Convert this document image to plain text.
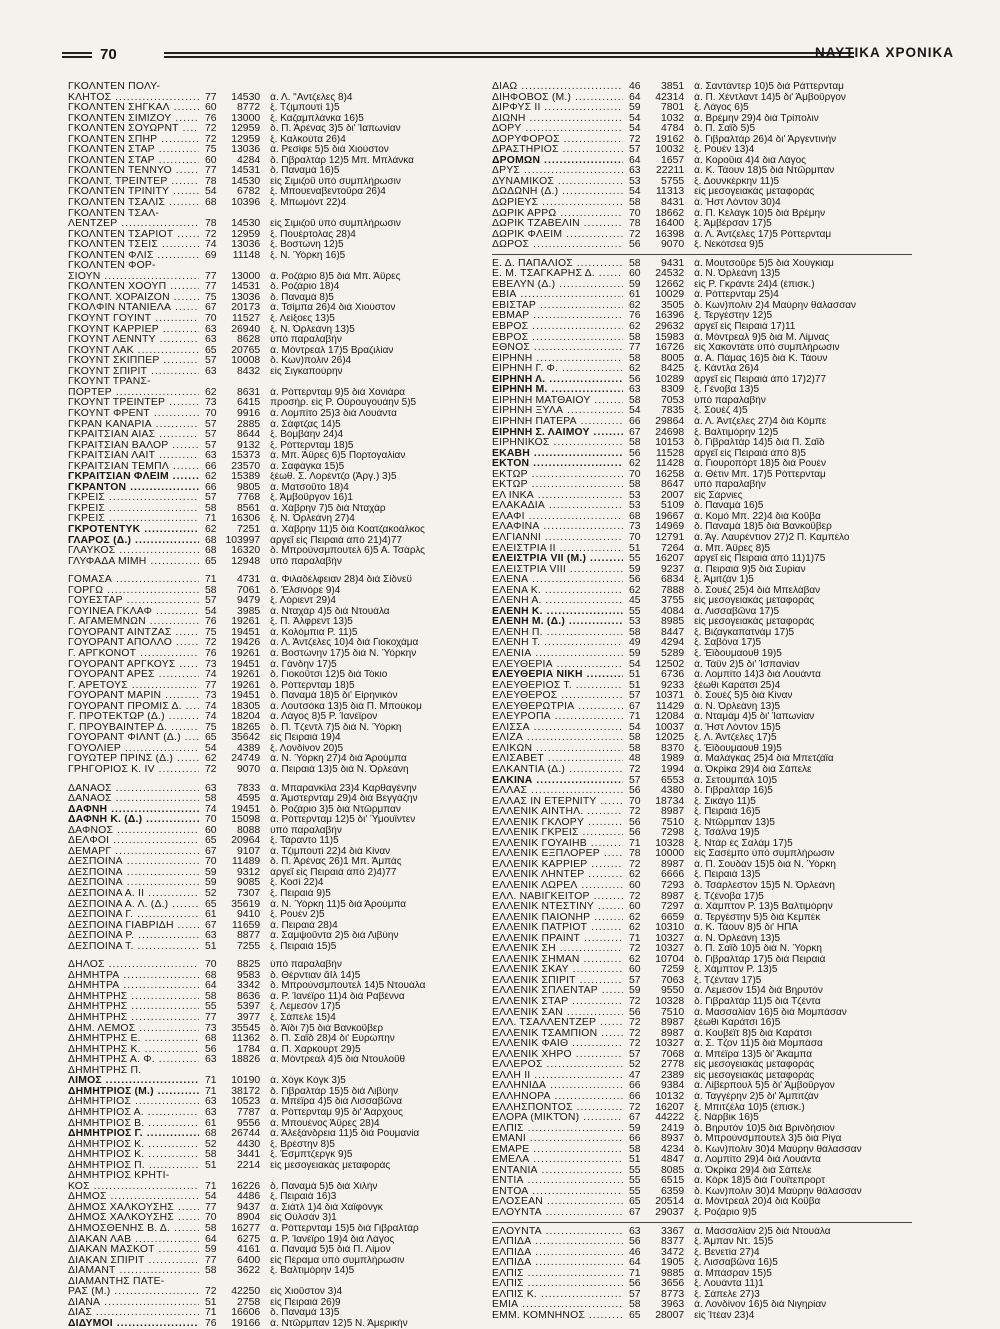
70	ΝΑΥΤΙΚΑ ΧΡΟΝΙΚΑ
ΓΚΟΛΝΤΕΝ ΠΟΛΥ-
ΚΛΗΤΟΣ .....	77	14530	ά. Λ. "Αντζελες 8)4
ΓΚΟΛΝΤΕΝ ΣΗΓΚΑΛ .....	60	8772	ξ. Τζιμπουτί 1)5
ΓΚΟΛΝΤΕΝ ΣΙΜΙΖΟΥ .....	76	13000	ξ. Καζαμπλάνκα 16)5
ΓΚΟΛΝΤΕΝ ΣΟΥΩΡΝΤ .....	72	12959	δ. Π. Άρένας 3)5 δι' Ίαπωνίαν
ΓΚΟΛΝΤΕΝ ΣΠΗΡ .....	72	12959	ξ. Καλκούτα 26)4
ΓΚΟΛΝΤΕΝ ΣΤΑΡ .....	75	13036	ά. Ρεσίφε 5)5 διά Χιούστον
ΓΚΟΛΝΤΕΝ ΣΤΑΡ .....	60	4284	δ. Γιβραλτάρ 12)5 Μπ. Μπλάνκα
ΓΚΟΛΝΤΕΝ ΤΕΝΝΥΟ .....	77	14531	δ. Παναμά 16)5
ΓΚΟΛΝΤ. ΤΡΕΪΝΤΕΡ .....	78	14530	είς Σιμιζοῦ ὑπό συμπλήρωσιν
ΓΚΟΛΝΤΕΝ ΤΡΙΝΙΤΥ .....	54	6782	ξ. Μπουεναβεντοῦρα 26)4
ΓΚΟΛΝΤΕΝ ΤΣΑΛΙΣ .....	68	10396	ξ. Μπωμόντ 22)4
ΓΚΟΛΝΤΕΝ ΤΣΑΛ-
ΛΕΝΤΖΕΡ .....	78	14530	είς Σιμιζοῦ ὑπό συμπλήρωσιν
ΓΚΟΛΝΤΕΝ ΤΣΑΡΙΟΤ .....	72	12959	ξ. Πουέρτολας 28)4
ΓΚΟΛΝΤΕΝ ΤΣΕΪΣ .....	74	13036	ξ. Βοστώνη 12)5
ΓΚΟΛΝΤΕΝ ΦΛΙΣ .....	69	11148	ξ. Ν. Ύόρκη 16)5
ΓΚΟΛΝΤΕΝ ΦΟΡ-
ΣΙΟΥΝ .....	77	13000	ά. Ροζάριο 8)5 διά Μπ. Άϋρες
ΓΚΟΛΝΤΕΝ ΧΟΟΥΠ .....	77	14531	δ. Ροζάριο 18)4
ΓΚΟΛΝΤ. ΧΟΡΑΪΖΟΝ .....	75	13036	δ. Παναμά 8)5
ΓΚΟΛΦΙΝ ΝΤΑΝΙΕΛΑ .....	67	20173	ά. Τσίμπα 26)4 διά Χιούστον
ΓΚΟΥΝΤ ΓΟΥΪΝΤ .....	70	11527	ξ. Λείξοες 13)5
ΓΚΟΥΝΤ ΚΑΡΡΙΕΡ .....	63	26940	ξ. Ν. Όρλεάνη 13)5
ΓΚΟΥΝΤ ΛΕΝΝΤΥ .....	63	8628	ὑπό παραλαβήν
ΓΚΟΥΝΤ ΛΑΚ .....	65	20765	ά. Μόντρεαλ 17)5 Βραζιλίαν
ΓΚΟΥΝΤ ΣΚΙΠΠΕΡ .....	57	10008	δ. Κων)πολιν 26)4
ΓΚΟΥΝΤ ΣΠΙΡΙΤ .....	63	8432	είς Σιγκαπούρην
ΓΚΟΥΝΤ ΤΡΑΝΣ-
ΠΟΡΤΕΡ .....	62	8631	ά. Ρόττερνταμ 9)5 διά Χονιάρα
ΓΚΟΥΝΤ ΤΡΕΪΝΤΕΡ .....	73	6415	προσήρ. είς Ρ. Ούρουγουάην 5)5
ΓΚΟΥΝΤ ΦΡΕΝΤ .....	70	9916	ά. Λομπίτο 25)3 διά Λουάντα
ΓΚΡΑΝ ΚΑΝΑΡΙΑ .....	57	2885	ά. Σάφτζας 14)5
ΓΚΡΑΪΤΣΙΑΝ ΑΪΑΣ .....	57	8644	ξ. Βομβάην 24)4
ΓΚΡΑΪΤΣΙΑΝ ΒΑΛΟΡ .....	57	9132	ξ. Ρόττερνταμ 18)5
ΓΚΡΑΪΤΣΙΑΝ ΛΑΪΤ .....	63	15373	ά. Μπ. Άϋρες 6)5 Πορτογαλίαν
ΓΚΡΑΪΤΣΙΑΝ ΤΕΜΠΛ .....	66	23570	ά. Σαφάγκα 15)5
ΓΚΡΑΪΤΣΙΑΝ ΦΛΕΪΜ .....	62	15389	ξέωθ. Σ. Λορέντζο (Άργ.) 3)5
ΓΚΡΑΝΤΟΝ .....	66	9805	ά. Ματσοῦτο 18)4
ΓΚΡΕΪΣ .....	57	7768	ξ. Άμβοῦργον 16)1
ΓΚΡΕΪΣ .....	58	8561	ά. Χάβρην 7)5 διά Νταχάρ
ΓΚΡΕΪΣ .....	71	16306	ξ. Ν. Όρλεάνη 27)4
ΓΚΡΟΤΕΝΤΥΚ .....	62	7251	ά. Χάβρην 11)5 διά Κοατζακοάλκος
ΓΛΑΡΟΣ (Δ.) .....	68 103997	ἀργεῖ είς Πειραιά ἀπό 21)4)77
ΓΛΑΥΚΟΣ .....	68	16320	δ. Μπρούνσμπουτελ 6)5 Α. Τσάρλς
ΓΛΥΦΑΔΑ ΜΙΜΗ .....	65	12948	ὑπό παραλαβήν
ΓΟΜΑΣΑ .....	71	4731	ά. Φιλαδέλφειαν 28)4 διά Σίδνεϋ
ΓΟΡΓΩ .....	58	7061	δ. Έλσινόρε 9)4
ΓΟΥΕΣΤΑΡ .....	57	9479	ξ. Λόριεντ 29)4
ΓΟΥΪΝΕΑ ΓΚΛΑΦ .....	54	3985	ά. Νταχάρ 4)5 διά Ντουάλα
Γ. ΑΓΑΜΕΜΝΩΝ .....	76	19261	ξ. Π. Ἀλφρεντ 13)5
ΓΟΥΟΡΑΝΤ ΑΪΝΤΖΑΣ .....	75	19451	ά. Κολόμπια Ρ. 11)5
ΓΟΥΟΡΑΝΤ ΑΠΟΛΛΟ .....	72	19426	ά. Λ. Άντζελες 10)4 διά Γιοκοχάμα
Γ. ΑΡΓΚΟΝΟΤ .....	76	19261	ά. Βοστώνην 17)5 διά Ν. Ύόρκην
ΓΟΥΟΡΑΝΤ ΑΡΓΚΟΥΣ .....	73	19451	ά. Γάνδην 17)5
ΓΟΥΟΡΑΝΤ ΑΡΕΣ .....	74	19261	δ. Γιοκοῦτσι 12)5 διά Τόκιο
Γ. ΑΡΕΤΟΥΣ .....	77	19261	δ. Ρόττερνταμ 18)5
ΓΟΥΟΡΑΝΤ ΜΑΡΙΝ .....	73	19451	δ. Παναμά 18)5 δι' Είρηνικόν
ΓΟΥΟΡΑΝΤ ΠΡΟΜΙΣ Δ. .....	74	18305	ά. Λουτσόκα 13)5 διά Π. Μπούκομ
Γ. ΠΡΟΤΕΚΤΩΡ (Δ.) .....	74	18204	ά. Λάγος 8)5 Ρ. Ίανέϊρον
Γ. ΠΡΟΥΒΑΪΝΤΕΡ Δ. .....	75	18265	δ. Π. Τζεντλ 7)5 διά Ν. Ύόρκη
ΓΟΥΟΡΑΝΤ ΦΙΛΝΤ (Δ.) .....	65	35642	είς Πειραιά 19)4
ΓΟΥΟΛΙΕΡ .....	54	4389	ξ. Λονδίνον 20)5
ΓΟΥΩΤΕΡ ΠΡΙΝΣ (Δ.) .....	62	24749	ά. Ν. Ύόρκη 27)4 διά Άρούμπα
ΓΡΗΓΟΡΙΟΣ Κ. ΙV .....	72	9070	ά. Πειραιά 13)5 διά Ν. Όρλεάνη
ΔΑΝΑΟΣ .....	63	7833	ά. Μπαρανκίλα 23)4 Καρθαγένην
ΔΑΝΑΟΣ .....	58	4595	ά. Άμστερνταμ 29)4 διά Βεγγάζην
ΔΑΦΝΗ .....	74	19451	δ. Ροζάριο 3)5 διά Ντῶρμπαν
ΔΑΦΝΗ Κ. (Δ.) .....	70	15098	ά. Ρόττερνταμ 12)5 δι' Ύμουϊντεν
ΔΑΦΝΟΣ .....	60	8088	ὑπό παραλαβήν
ΔΕΛΦΟΙ .....	65	20964	ξ. Τάραντο 11)5
ΔΕΜΑΡΓ .....	67	9107	ά. Τζιμπουτί 22)4 διά Κίναν
ΔΕΣΠΟΙΝΑ .....	70	11489	δ. Π. Άρένας 26)1 Μπ. Άμπάς
ΔΕΣΠΟΙΝΑ .....	59	9312	ἀργεῖ είς Πειραιά ἀπό 2)4)77
ΔΕΣΠΟΙΝΑ .....	59	9085	ξ. Κοσί 22)4
ΔΕΣΠΟΙΝΑ Α. ΙΙ .....	52	7307	ξ. Πειραιά 9)5
ΔΕΣΠΟΙΝΑ Α. Λ. (Δ.) .....	65	35619	ά. Ν. Ύόρκη 11)5 διά Άρούμπα
ΔΕΣΠΟΙΝΑ Γ. .....	61	9410	ξ. Ρουέν 2)5
ΔΕΣΠΟΙΝΑ ΓΙΑΒΡΙΔΗ .....	67	11659	ά. Πειραιά 28)4
ΔΕΣΠΟΙΝΑ Ρ. .....	63	8877	ά. Σαμψοῦντα 2)5 διά Λιβύην
ΔΕΣΠΟΙΝΑ Τ. .....	51	7255	ξ. Πειραιά 15)5
ΔΗΛΟΣ .....	70	8825	ὑπό παραλαβήν
ΔΗΜΗΤΡΑ .....	68	9583	δ. Θέρντιαν ᾶΪλ 14)5
ΔΗΜΗΤΡΑ .....	64	3342	δ. Μπρούνσμπουτελ 14)5 Ντουάλα
ΔΗΜΗΤΡΗΣ .....	58	8636	ά. Ρ. Ίανέϊρο 11)4 διά Ραβέννα
ΔΗΜΗΤΡΗΣ .....	55	5397	ξ. Λεμεσόν 17)5
ΔΗΜΗΤΡΗΣ .....	77	3977	ξ. Σάπελε 15)4
ΔΗΜ. ΛΕΜΟΣ .....	73	35545	δ. Άϊδι 7)5 διά Βανκοῦβερ
ΔΗΜΗΤΡΗΣ Ε. .....	68	11362	δ. Π. Σαΐδ 28)4 δι' Εὐρώπην
ΔΗΜΗΤΡΗΣ Κ. .....	56	1784	ά. Π. Χαρκουρτ 29)5
ΔΗΜΗΤΡΗΣ Α. Φ. .....	63	18826	ά. Μόντρεαλ 4)5 διά Ντουλοῦθ
ΔΗΜΗΤΡΗΣ Π.
ΛΙΜΟΣ .....	71	10190	ά. Χόγκ Κόγκ 3)5
ΔΗΜΗΤΡΙΟΣ (Μ.) .....	71	38172	δ. Γιβραλτάρ 15)5 διά Λιβύην
ΔΗΜΗΤΡΙΟΣ .....	63	10523	ά. Μπέϊρα 4)5 διά Λισσαβῶνα
ΔΗΜΗΤΡΙΟΣ Α. .....	63	7787	ά. Ρόττερνταμ 9)5 δι' Άαρχους
ΔΗΜΗΤΡΙΟΣ Β. .....	61	9556	ά. Μπουένος Άϋρες 28)4
ΔΗΜΗΤΡΙΟΣ Γ. .....	68	26744	ά. Άλεξάνδρεια 11)5 διά Ρουμανία
ΔΗΜΗΤΡΙΟΣ Κ. .....	52	4430	ξ. Βρέστην 8)5
ΔΗΜΗΤΡΙΟΣ Κ. .....	58	3441	ξ. Έσμπτζεργκ 9)5
ΔΗΜΗΤΡΙΟΣ Π. .....	51	2214	είς μεσογειακάς μεταφοράς
ΔΗΜΗΤΡΙΟΣ ΚΡΗΤΙ-
ΚΟΣ .....	71	16226	δ. Παναμά 5)5 διά Χιλήν
ΔΗΜΟΣ .....	54	4486	ξ. Πειραιά 16)3
ΔΗΜΟΣ ΧΑΛΚΟΥΣΗΣ .....	77	9437	ά. Σιάτλ 1)4 διά Χαϊφόνγκ
ΔΗΜΟΣ ΧΑΛΚΟΥΣΗΣ .....	70	8904	είς Οὐλσάν 3)1
ΔΗΜΟΣΘΕΝΗΣ Β. Δ. .....	58	16277	ά. Ρόττερνταμ 15)5 διά Γιβραλτάρ
ΔΙΑΚΑΝ ΛΑΒ .....	64	6275	ά. Ρ. Ίανέϊρο 19)4 διά Λάγος
ΔΙΑΚΑΝ ΜΑΣΚΟΤ .....	59	4161	ά. Παναμά 5)5 διά Π. Λίμον
ΔΙΑΚΑΝ ΣΠΙΡΙΤ .....	77	6400	είς Πέραμα ὑπό συμπλήρωσιν
ΔΙΑΜΑΝΤ .....	58	3622	ξ. Βαλτιμόρην 14)5
ΔΙΑΜΑΝΤΗΣ ΠΑΤΕ-
ΡΑΣ (Μ.) .....	72	42250	είς Χιοῦστον 3)4
ΔΙΑΝΑ .....	51	2758	είς Πειραιά 26)9
ΔΙΑΣ .....	71	16606	δ. Παναμά 13)5
ΔΙΔΥΜΟΙ .....	76	19166	ά. Ντῶρμπαν 12)5 Ν. Άμερικήν
ΔΙΑΩ .....	46	3851	ά. Σαντάντερ 10)5 διά Ράττερνταμ
ΔΙΗΦΟΒΟΣ (Μ.) .....	64	42314	ά. Π. Χέντλαντ 14)5 δι' Άμβοῦργον
ΔΙΡΦΥΣ ΙΙ .....	59	7801	ξ. Λάγος 6)5
ΔΙΩΝΗ .....	54	1032	ά. Βρέμην 29)4 διά Τρίπολιν
ΔΟΡΥ .....	54	4784	δ. Π. Σαΐδ 5)5
ΔΟΡΥΦΟΡΟΣ .....	72	19162	δ. Γιβραλτάρ 26)4 δι' Άργεντινήν
ΔΡΑΣΤΗΡΙΟΣ .....	57	10032	ξ. Ρουέν 13)4
ΔΡΟΜΩΝ .....	64	1657	ά. Κοροῦια 4)4 διά Λάγος
ΔΡΥΣ .....	63	22211	ά. Κ. Τάουν 18)5 διά Ντῶρμπαν
ΔΥΝΑΜΙΚΟΣ .....	53	5755	ξ. Δουνκέρκην 11)5
ΔΩΔΩΝΗ (Δ.) .....	54	11313	είς μεσογειακάς μεταφοράς
ΔΩΡΙΕΥΣ .....	58	8431	ά. Ήστ Λόντον 30)4
ΔΩΡΙΚ ΑΡΡΩ .....	70	18662	ά. Π. Κελάγκ 10)5 διά Βρέμην
ΔΩΡΙΚ ΤΖΑΒΕΛΙΝ .....	78	16400	ξ. Άμβέρσαν 17)5
ΔΩΡΙΚ ΦΛΕΪΜ .....	72	16398	ά. Λ. Άντζελες 17)5 Ρόττερνταμ
ΔΩΡΟΣ .....	56	9070	ξ. Νεκότσεα 9)5
Ε. Δ. ΠΑΠΑΛΙΟΣ .....	58	9431	ά. Μουτσοῦρε 5)5 διά Χούγκιαμ
Ε. Μ. ΤΣΑΓΚΑΡΗΣ Δ. .....	60	24532	ά. Ν. Όρλεάνη 13)5
ΕΒΕΛΥΝ (Δ.) .....	59	12662	είς Ρ. Γκράντε 24)4 (ἐπισκ.)
ΕΒΙΑ .....	61	10029	ά. Ρόττερνταμ 25)4
ΕΒΙΣΤΑΡ .....	62	3505	δ. Κων)πολιν 2)4 Μαύρην θάλασσαν
ΕΒΜΑΡ .....	76	16396	ξ. Τεργέστην 12)5
ΕΒΡΟΣ .....	62	29632	ἀργεῖ είς Πειραιά 17)11
ΕΒΡΟΣ .....	58	15983	ά. Μόντρεαλ 9)5 διά Μ. Λίμνας
ΕΘΝΟΣ .....	77	16726	είς Χακοντάτε ὑπό συμπλήρωσιν
ΕΙΡΗΝΗ .....	58	8005	ά. Α. Πάμας 16)5 διά Κ. Τάουν
ΕΙΡΗΝΗ Γ. Φ. .....	62	8425	ξ. Κάντλα 26)4
ΕΙΡΗΝΗ Λ. .....	56	10289	ἀργεῖ είς Πειραιά ἀπό 17)2)77
ΕΙΡΗΝΗ Μ. .....	63	8309	ξ. Γένοβα 13)5
ΕΙΡΗΝΗ ΜΑΤΘΑΙΟΥ .....	58	7053	ὑπό παραλαβήν
ΕΙΡΗΝΗ ΞΥΛΑ .....	54	7835	ξ. Σουέζ 4)5
ΕΙΡΗΝΗ ΠΑΤΕΡΑ .....	66	29864	ά. Λ. Άντζελες 27)4 διά Κόμπε
ΕΙΡΗΝΗ Σ. ΛΑΙΜΟΥ .....	67	24698	ξ. Βαλτιμόρην 12)5
ΕΙΡΗΝΙΚΟΣ .....	58	10153	δ. Γιβραλτάρ 14)5 διά Π. Σαΐδ
ΕΚΑΒΗ .....	56	11528	ἀργεῖ είς Πειραιά ἀπό 8)5
ΕΚΤΟΝ .....	62	11428	ά. Γιουροπόρτ 18)5 διά Ρουέν
ΕΚΤΩΡ .....	70	16258	ά. Θέτιν Μπ. 17)5 Ρόττερνταμ
ΕΚΤΩΡ .....	58	8647	ὑπό παραλαβήν
ΕΛ ΙΝΚΑ .....	53	2007	είς Σάρνιες
ΕΛΑΚΑΔΙΑ .....	53	5109	δ. Παναμά 16)5
ΕΛΑΦΙ .....	68	19667	ά. Κομό Μπ. 22)4 διά Κοῦβα
ΕΛΑΦΙΝΑ .....	73	14969	δ. Παναμά 18)5 διά Βανκοῦβερ
ΕΛΓΙΑΝΝΙ .....	70	12791	ά. Άγ. Λαυρέντιον 27)2 Π. Καμπέλο
ΕΛΕΪΣΤΡΙΑ ΙΙ .....	51	7264	ά. Μπ. Άϋρες 8)5
ΕΛΕΪΣΤΡΙΑ VII (Μ.) .....	55	16207	ἀργεῖ είς Πειραιά ἀπό 11)1)75
ΕΛΕΪΣΤΡΙΑ VIII .....	59	9237	ά. Πειραιά 9)5 διά Συρίαν
ΕΛΕΝΑ .....	56	6834	ξ. Άμιτζάν 1)5
ΕΛΕΝΑ Κ. .....	62	7888	δ. Σουέζ 25)4 διά Μπελάβαν
ΕΛΕΝΗ Α. .....	45	3755	είς μεσογειακάς μεταφοράς
ΕΛΕΝΗ Κ. .....	55	4084	ά. Λισσαβῶνα 17)5
ΕΛΕΝΗ Μ. (Δ.) .....	53	8985	είς μεσογειακάς μεταφοράς
ΕΛΕΝΗ Π. .....	58	8447	ξ. Βιζαγκαπατνάμ 17)5
ΕΛΕΝΗ Τ. .....	49	4294	ξ. Σαβόνα 17)5
ΕΛΕΝΙΑ .....	59	5289	ξ. Έϊδουμαουθ 19)5
ΕΛΕΥΘΕΡΙΑ .....	54	12502	ά. Τάϋν 2)5 δι' Ίσπανίαν
ΕΛΕΥΘΕΡΙΑ ΝΙΚΗ .....	51	6736	ά. Λομπίτο 14)3 διά Λουάντα
ΕΛΕΥΘΕΡΙΟΣ Τ. .....	51	9233	ξέωθι Καράτσι 25)4
ΕΛΕΥΘΕΡΟΣ .....	57	10371	δ. Σουέζ 5)5 διά Κίναν
ΕΛΕΥΘΕΡΩΤΡΙΑ .....	67	11429	ά. Ν. Όρλεάνη 13)5
ΕΛΕΥΡΟΠΑ .....	71	12084	ά. Νταμάμ 4)5 δι' Ίαπωνίαν
ΕΛΙΣΣΑ .....	54	10037	ά. Ήστ Λόντον 15)5
ΕΛΙΖΑ .....	58	12025	ξ. Λ. Άντζελες 17)5
ΕΛΙΚΩΝ .....	58	8370	ξ. Έϊδουμαουθ 19)5
ΕΛΙΣΑΒΕΤ .....	48	1989	ά. Μαλάγκας 25)4 διά Μπετζάϊα
ΕΛΚΑΝΤΙΑ (Δ.) .....	72	1994	ά. Όκρίκα 29)4 διά Σάπελε
ΕΛΚΙΝΑ .....	57	6553	ά. Σετουμπάλ 10)5
ΕΛΛΑΣ .....	56	4380	δ. Γιβραλτάρ 16)5
ΕΛΛΑΣ ΙΝ ΕΤΕΡΝΙΤΥ .....	70	18734	ξ. Σικάγο 11)5
ΕΛΛΕΝΙΚ ΑΪΝΤΗΛ. .....	72	8987	ξ. Πειραιά 16)5
ΕΛΛΕΝΙΚ ΓΚΛΟΡΥ .....	56	7510	ξ. Ντῶρμπαν 13)5
ΕΛΛΕΝΙΚ ΓΚΡΕΪΣ .....	56	7298	ξ. Τσάλνα 19)5
ΕΛΛΕΝΙΚ ΓΟΥΑΙΗΒ .....	71	10328	ξ. Ντάρ ἐς Σαλάμ 17)5
ΕΛΛΕΝΙΚ ΕΞΠΛΟΡΕΡ .....	78	10000	είς Σασέμπο ὑπό συμπλήρωσιν
ΕΛΛΕΝΙΚ ΚΑΡΡΙΕΡ .....	72	8987	ά. Π. Σουδάν 15)5 διά Ν. Ύόρκη
ΕΛΛΕΝΙΚ ΛΗΝΤΕΡ .....	62	6666	ξ. Πειραιά 13)5
ΕΛΛΕΝΙΚ ΛΩΡΕΛ .....	60	7293	δ. Τσάρλεστον 15)5 Ν. Όρλεάνη
ΕΛΛ. ΝΑΒΙΓΚΕΪΤΟΡ .....	72	8987	ξ. Τζένοβα 17)5
ΕΛΛΕΝΙΚ ΝΤΕΣΤΙΝΥ .....	60	7297	ά. Χάμπτον Ρ. 13)5 Βαλτιμόρην
ΕΛΛΕΝΙΚ ΠΑΪΟΝΗΡ .....	62	6659	ά. Τεργέστην 5)5 διά Κεμπέκ
ΕΛΛΕΝΙΚ ΠΑΤΡΙΟΤ .....	62	10310	ά. Κ. Τάουν 8)5 δι' ΗΠΑ
ΕΛΛΕΝΙΚ ΠΡΑΪΝΤ .....	71	10327	ά. Ν. Όρλεάνη 13)5
ΕΛΛΕΝΙΚ ΣΗ .....	72	10327	δ. Π. Σαΐδ 10)5 διά Ν. Ύόρκη
ΕΛΛΕΝΙΚ ΣΗΜΑΝ .....	62	10704	δ. Γιβραλτάρ 17)5 διά Πειραιά
ΕΛΛΕΝΙΚ ΣΚΑΫ .....	60	7259	ξ. Χάμπτον Ρ. 13)5
ΕΛΛΕΝΙΚ ΣΠΙΡΙΤ .....	57	7063	ξ. Τζένταν 17)5
ΕΛΛΕΝΙΚ ΣΠΛΕΝΤΑΡ .....	59	9550	ά. Λεμεσόν 15)4 διά Βηρυτόν
ΕΛΛΕΝΙΚ ΣΤΑΡ .....	72	10328	δ. Γιβραλτάρ 11)5 διά Τζέντα
ΕΛΛΕΝΙΚ ΣΑΝ .....	56	7510	ά. Μασσαλίαν 16)5 διά Μομπάσαν
ΕΛΛ. ΤΣΑΛΛΕΝΤΖΕΡ .....	72	8987	ξέωθι Καράτσι 16)5
ΕΛΛΕΝΙΚ ΤΣΑΜΠΙΟΝ .....	72	8987	ά. Κουβέϊτ 8)5 διά Καράτσι
ΕΛΛΕΝΙΚ ΦΑΙΘ .....	72	10327	ά. Σ. Τζον 11)5 διά Μομπάσα
ΕΛΛΕΝΙΚ ΧΗΡΟ .....	57	7068	ά. Μπέϊρα 13)5 δι' Άκαμπα
ΕΛΛΕΡΟΣ .....	52	2778	είς μεσογειακάς μεταφοράς
ΕΛΛΗ ΙΙ .....	47	2389	είς μεσογειακάς μεταφοράς
ΕΛΛΗΝΙΔΑ .....	66	9384	ά. Λίβερπουλ 5)5 δι' Άμβοῦργον
ΕΛΛΗΝΟΡΑ .....	66	10132	ά. Ταγγέρην 2)5 δι' Άμπιτζάν
ΕΛΛΗΣΠΟΝΤΟΣ .....	72	16207	ξ. Μπιτζέλα 10)5 (ἐπισκ.)
ΕΛΟΡΑ (ΜΙΚΤΌΝ) .....	67	44222	ξ. Νάρβικ 16)5
ΕΛΠΙΣ .....	59	2419	δ. Βηρυτόν 10)5 διά Βρινδήσιον
ΕΜΑΝΙ .....	66	8937	δ. Μπρούνσμπουτελ 3)5 διά Ρίγα
ΕΜΑΡΕ .....	58	4234	δ. Κων)πολιν 30)4 Μαύρην θάλασσαν
ΕΜΕΛΑ .....	51	4847	ά. Λομπίτο 29)4 διά Λουάντα
ΕΝΤΑΝΙΑ .....	55	8085	ά. Όκρίκα 29)4 διά Σάπελε
ΕΝΤΙΑ .....	55	6515	ά. Κόρκ 18)5 διά Γουϊτεπρορτ
ΕΝΤΟΑ .....	55	6359	δ. Κων)πολιν 30)4 Μαύρην θάλασσαν
ΕΛΟΣΕΑΝ .....	65	20514	ά. Μόντρεαλ 20)4 διά Κοῦβα
ΕΛΟΥΝΤΑ .....	67	29037	ξ. Ροζάριο 9)5
ΕΛΟΥΝΤΑ .....	63	3367	ά. Μασσαλίαν 2)5 διά Ντουάλα
ΕΛΠΙΔΑ .....	56	8377	ξ. Άμπαν Ντ. 15)5
ΕΛΠΙΔΑ .....	46	3472	ξ. Βενετία 27)4
ΕΛΠΙΔΑ .....	64	1905	ξ. Λισσαβῶνα 16)5
ΕΛΠΙΣ .....	71	9885	ά. Μπάσραν 15)5
ΕΛΠΙΣ .....	56	3656	ξ. Λουάντα 11)1
ΕΛΠΙΣ Κ. .....	57	8773	ξ. Σάπελε 27)3
ΕΜΙΑ .....	58	3963	ά. Λονδίνον 16)5 διά Νιγηρίαν
ΕΜΜ. ΚΟΜΝΗΝΟΣ .....	65	28007	είς Ίτέαν 23)4
